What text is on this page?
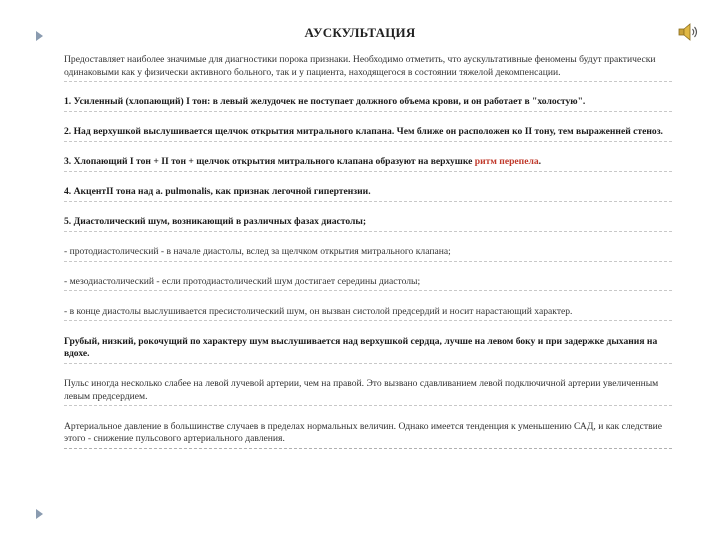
АУСКУЛЬТАЦИЯ

Предоставляет наиболее значимые для диагностики порока признаки. Необходимо отметить, что аускультативные феномены будут практически одинаковыми как у физически активного больного, так и у пациента, находящегося в состоянии тяжелой декомпенсации.

1. Усиленный (хлопающий) I тон: в левый желудочек не поступает должного объема крови, и он работает в "холостую".

2. Над верхушкой выслушивается щелчок открытия митрального клапана. Чем ближе он расположен ко II тону, тем выраженней стеноз.

3. Хлопающий I тон + II тон + щелчок открытия митрального клапана образуют на верхушке ритм перепела.

4. АкцентII тона над a. pulmonalis, как признак легочной гипертензии.

5. Диастолический шум, возникающий в различных фазах диастолы;

- протодиастолический - в начале диастолы, вслед за щелчком открытия митрального клапана;

- мезодиастолический - если протодиастолический шум достигает середины диастолы;

- в конце диастолы выслушивается пресистолический шум, он вызван систолой предсердий и носит нарастающий характер.

Грубый, низкий, рокочущий по характеру шум выслушивается над верхушкой сердца, лучше на левом боку и при задержке дыхания на вдохе.

Пульс иногда несколько слабее на левой лучевой артерии, чем на правой. Это вызвано сдавливанием левой подключичной артерии увеличенным левым предсердием.

Артериальное давление в большинстве случаев в пределах нормальных величин. Однако имеется тенденция к уменьшению САД, и как следствие этого - снижение пульсового артериального давления.
